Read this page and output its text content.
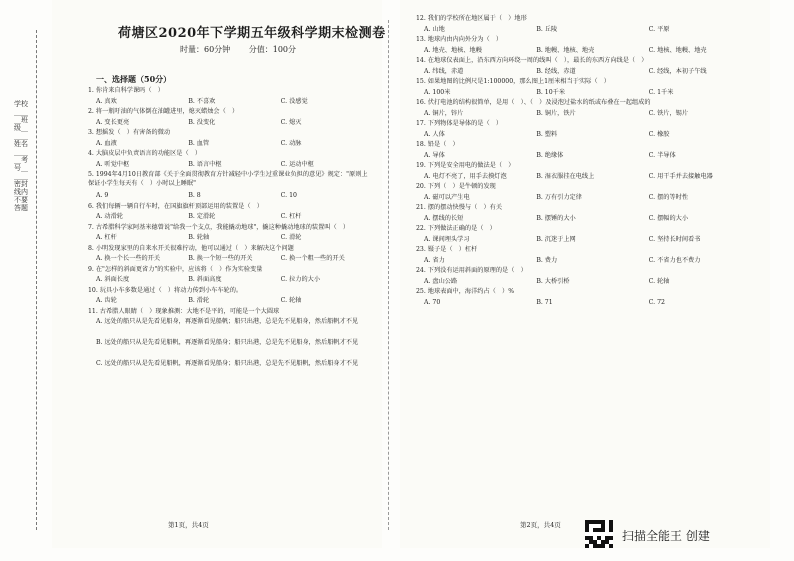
学校______班级______姓名______考号______密封线内不要答题
荷塘区2020年下学期五年级科学期末检测卷
时量：60分钟 分值：100分
一、选择题（50分）
1. 你肯来自科学课吗（　）
A. 真欢	B. 不喜欢	C. 没感觉
2. 将一瓶吁油的气体倒在油罐进里，熄灭蜡烛会（　）
A. 变长更亮	B. 没变化	C. 熄灭
3. 想摇发（　）有害备的微动
A. 血液	B. 血管	C. 动脉
4. 大脑皮层中负责语言的功能区是（　）
A. 听觉中枢	B. 语言中枢	C. 运动中枢
5. 1994年4月10日教育部《关于全面贯彻教育方针减轻中小学生过重课业负担的意见》规定："原则上保证小学生每天有（　）小时以上睡眠"
A. 9	B. 8	C. 10
6. 我们每辆一辆自行车时，在国旗旗杆顶部运用的装置是（　）
A. 动滑轮	B. 定滑轮	C. 杠杆
7. 古希腊科学家阿基米德曾说"给我一个支点，我能撬动地球"，撬这种撬动地球的装置叫（　）
A. 杠杆	B. 轮轴	C. 滑轮
8. 小明发现家里的自来水开关很难拧动，他可以通过（　）来解决这个问题
A. 换一个长一些的开关	B. 换一个短一些的开关	C. 换一个粗一些的开关
9. 在"怎样的斜面更省力"的实验中，应该将（　）作为实验变量
A. 斜面长度	B. 斜面高度	C. 拉力的大小
10. 玩具小车多数是通过（　）将动力传到小车车轮的。
A. 齿轮	B. 滑轮	C. 轮轴
11. 古希腊人眼睛（　）现象推测：大地不是平的，可能是一个大圆球
A. 远处的船只从是先看见船身，再逐渐看见船帆；船只出港，总是先不见船身，然后船帆才不见
B. 远处的船只从是先看见船帆，再逐渐看见船身；船只出港，总是先不见船身，然后船帆才不见
C. 远处的船只从是先看见船帆，再逐渐看见船身；船只出港，总是先不见船帆，然后船身才不见
12. 我们的学校所在地区属于（　）地形
A. 山地	B. 丘陵	C. 平原
13. 地球内由内向外分为（　）
A. 地壳、地核、地幔	B. 地幔、地核、地壳	C. 地核、地幔、地壳
14. 在地球仪表面上，沿东西方向环绕一周的线叫（　），最长的东西方向线是（　）
A. 纬线，赤道	B. 经线，赤道	C. 经线，本初子午线
15. 如果地图的比例尺是1:100000，那么图上1厘米相当于实际（　）
A. 100米	B. 10千米	C. 1千米
16. 伏打电池的结构很简单，是用（　）、（　）及浸泡过盐水的纸或布叠在一起组成的
A. 铜片，锌片	B. 铜片，铁片	C. 铁片，锡片
17. 下列物体是导体的是（　）
A. 人体	B. 塑料	C. 橡胶
18. 铅是（　）
A. 导体	B. 绝缘体	C. 半导体
19. 下列是安全用电的做法是（　）
A. 电灯不亮了，用手去摸灯泡	B. 湿衣服挂在电线上	C. 用干手并去接触电器
20. 下列（　）是牛顿的发现
A. 磁可以产生电	B. 万有引力定律	C. 摆的等时性
21. 摆的摆动快慢与（　）有关
A. 摆线的长短	B. 摆锤的大小	C. 摆幅的大小
22. 下列做法正确的是（　）
A. 课间埋头学习	B. 沉迷于上网	C. 坚持长时间看书
23. 镊子是（　）杠杆
A. 省力	B. 费力	C. 不省力也不费力
24. 下列没有运用斜面的原理的是（　）
A. 盘山公路	B. 大桥引桥	C. 轮轴
25. 地球表面中，海洋约占（　）%
A. 70	B. 71	C. 72
第1页，共4页	第2页，共4页
扫描全能王 创建
